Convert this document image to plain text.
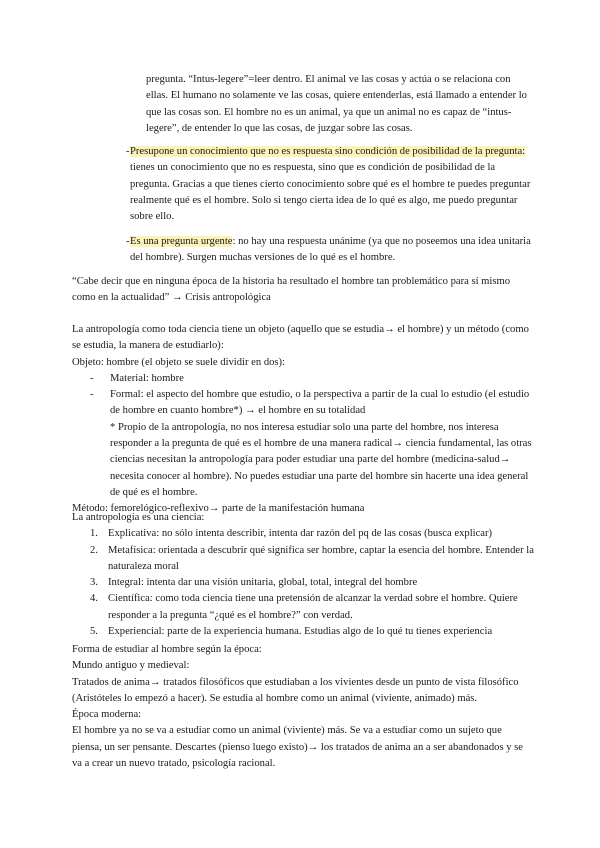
pregunta. “Intus-legere”=leer dentro. El animal ve las cosas y actúa o se relaciona con ellas. El humano no solamente ve las cosas, quiere entenderlas, está llamado a entender lo que las cosas son. El hombre no es un animal, ya que un animal no es capaz de “intus-legere”, de entender lo que las cosas, de juzgar sobre las cosas.

- Presupone un conocimiento que no es respuesta sino condición de posibilidad de la pregunta: tienes un conocimiento que no es respuesta, sino que es condición de posibilidad de la pregunta. Gracias a que tienes cierto conocimiento sobre qué es el hombre te puedes preguntar realmente qué es el hombre. Solo si tengo cierta idea de lo qué es algo, me puedo preguntar sobre ello.
- Es una pregunta urgente: no hay una respuesta unánime (ya que no poseemos una idea unitaria del hombre). Surgen muchas versiones de lo qué es el hombre.

“Cabe decir que en ninguna época de la historia ha resultado el hombre tan problemático para sí mismo como en la actualidad” → Crisis antropológica

La antropología como toda ciencia tiene un objeto (aquello que se estudia→ el hombre) y un método (como se estudia, la manera de estudiarlo):

Objeto: hombre (el objeto se suele dividir en dos):

- Material: hombre

- Formal: el aspecto del hombre que estudio, o la perspectiva a partir de la cual lo estudio (el estudio de hombre en cuanto hombre*) → el hombre en su totalidad

* Propio de la antropología, no nos interesa estudiar solo una parte del hombre, nos interesa responder a la pregunta de qué es el hombre de una manera radical→ ciencia fundamental, las otras ciencias necesitan la antropología para poder estudiar una parte del hombre (medicina-salud→ necesita conocer al hombre). No puedes estudiar una parte del hombre sin hacerte una idea general de qué es el hombre.

Método: femorelógico-reflexivo→ parte de la manifestación humana

La antropología es una ciencia:

1. Explicativa: no sólo intenta describir, intenta dar razón del pq de las cosas (busca explicar)

2. Metafísica: orientada a descubrir qué significa ser hombre, captar la esencia del hombre. Entender la naturaleza moral

3. Integral: intenta dar una visión unitaria, global, total, integral del hombre

4. Científica: como toda ciencia tiene una pretensión de alcanzar la verdad sobre el hombre. Quiere responder a la pregunta “¿qué es el hombre?” con verdad.

5. Experiencial: parte de la experiencia humana. Estudias algo de lo qué tu tienes experiencia

Forma de estudiar al hombre según la época:

Mundo antiguo y medieval:

Tratados de anima→ tratados filosóficos que estudiaban a los vivientes desde un punto de vista filosófico (Aristóteles lo empezó a hacer). Se estudia al hombre como un animal (viviente, animado) más.

Época moderna:

El hombre ya no se va a estudiar como un animal (viviente) más. Se va a estudiar como un sujeto que piensa, un ser pensante. Descartes (pienso luego existo)→ los tratados de anima an a ser abandonados y se va a crear un nuevo tratado, psicología racional.
